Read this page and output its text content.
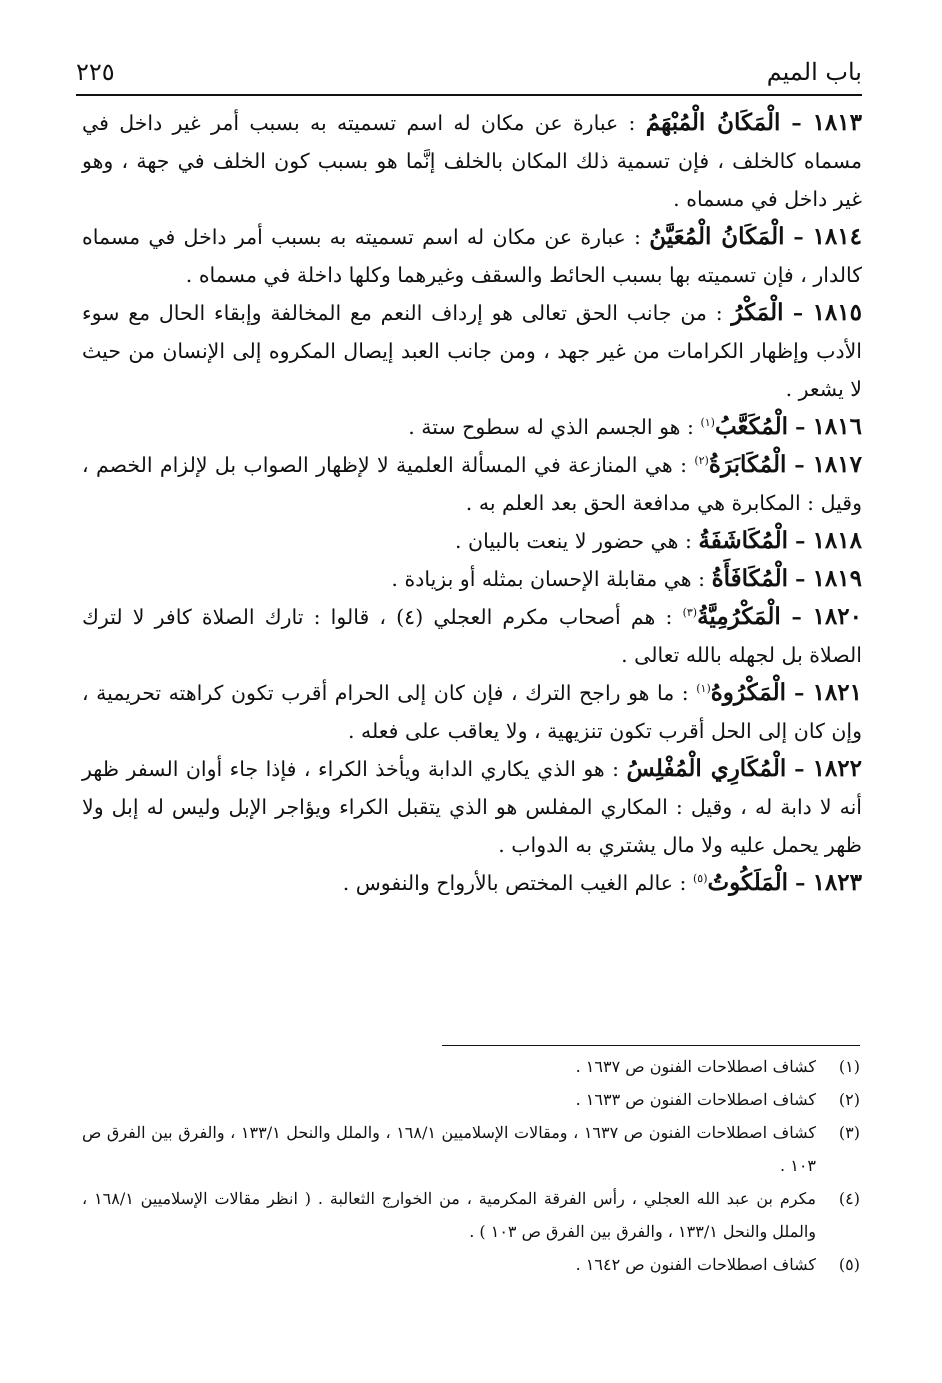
باب الميم
٢٢٥

١٨١٣ – الْمَكَانُ الْمُبْهَمُ : عبارة عن مكان له اسم تسميته به بسبب أمر غير داخل في مسماه كالخلف ، فإن تسمية ذلك المكان بالخلف إنَّما هو بسبب كون الخلف في جهة ، وهو غير داخل في مسماه .

١٨١٤ – الْمَكَانُ الْمُعَيَّنُ : عبارة عن مكان له اسم تسميته به بسبب أمر داخل في مسماه كالدار ، فإن تسميته بها بسبب الحائط والسقف وغيرهما وكلها داخلة في مسماه .

١٨١٥ – الْمَكْرُ : من جانب الحق تعالى هو إرداف النعم مع المخالفة وإبقاء الحال مع سوء الأدب وإظهار الكرامات من غير جهد ، ومن جانب العبد إيصال المكروه إلى الإنسان من حيث لا يشعر .

١٨١٦ – الْمُكَعَّبُ$^{(١)}$ : هو الجسم الذي له سطوح ستة .

١٨١٧ – الْمُكَابَرَةُ$^{(٢)}$ : هي المنازعة في المسألة العلمية لا لإظهار الصواب بل لإلزام الخصم ، وقيل : المكابرة هي مدافعة الحق بعد العلم به .

١٨١٨ – الْمُكَاشَفَةُ : هي حضور لا ينعت بالبيان .

١٨١٩ – الْمُكَافَأَةُ : هي مقابلة الإحسان بمثله أو بزيادة .

١٨٢٠ – الْمَكْرُمِيَّةُ$^{(٣)}$ : هم أصحاب مكرم العجلي (٤) ، قالوا : تارك الصلاة كافر لا لترك الصلاة بل لجهله بالله تعالى .

١٨٢١ – الْمَكْرُوهُ$^{(١)}$ : ما هو راجح الترك ، فإن كان إلى الحرام أقرب تكون كراهته تحريمية ، وإن كان إلى الحل أقرب تكون تنزيهية ، ولا يعاقب على فعله .

١٨٢٢ – الْمُكَارِي الْمُفْلِسُ : هو الذي يكاري الدابة ويأخذ الكراء ، فإذا جاء أوان السفر ظهر أنه لا دابة له ، وقيل : المكاري المفلس هو الذي يتقبل الكراء ويؤاجر الإبل وليس له إبل ولا ظهر يحمل عليه ولا مال يشتري به الدواب .

١٨٢٣ – الْمَلَكُوتُ$^{(٥)}$ : عالم الغيب المختص بالأرواح والنفوس .

(١)
كشاف اصطلاحات الفنون ص ١٦٣٧ .

(٢)
كشاف اصطلاحات الفنون ص ١٦٣٣ .

(٣)
كشاف اصطلاحات الفنون ص ١٦٣٧ ، ومقالات الإسلاميين ١٦٨/١ ، والملل والنحل ١٣٣/١ ، والفرق بين الفرق ص ١٠٣ .

(٤)
مكرم بن عبد الله العجلي ، رأس الفرقة المكرمية ، من الخوارج الثعالبة . ( انظر مقالات الإسلاميين ١٦٨/١ ، والملل والنحل ١٣٣/١ ، والفرق بين الفرق ص ١٠٣ ) .

(٥)
كشاف اصطلاحات الفنون ص ١٦٤٢ .
